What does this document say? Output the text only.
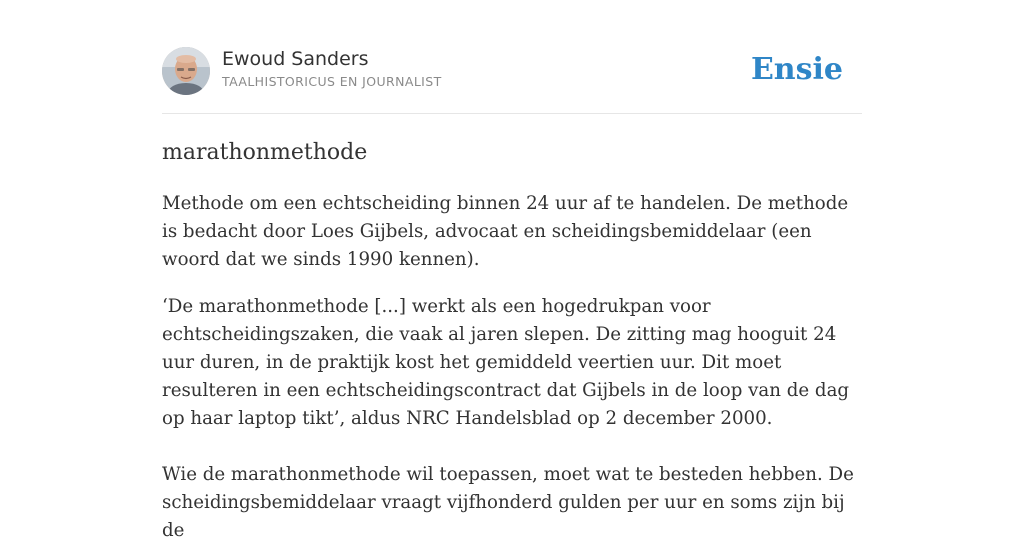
Ewoud Sanders
TAALHISTORICUS EN JOURNALIST	Ensie
marathonmethode

Methode om een echtscheiding binnen 24 uur af te handelen. De methode is bedacht door Loes Gijbels, advocaat en scheidingsbemiddelaar (een woord dat we sinds 1990 kennen).

‘De marathonmethode [...] werkt als een hogedrukpan voor echtscheidingszaken, die vaak al jaren slepen. De zitting mag hooguit 24 uur duren, in de praktijk kost het gemiddeld veertien uur. Dit moet resulteren in een echtscheidingscontract dat Gijbels in de loop van de dag op haar laptop tikt’, aldus NRC Handelsblad op 2 december 2000.

Wie de marathonmethode wil toepassen, moet wat te besteden hebben. De scheidingsbemiddelaar vraagt vijfhonderd gulden per uur en soms zijn bij de
